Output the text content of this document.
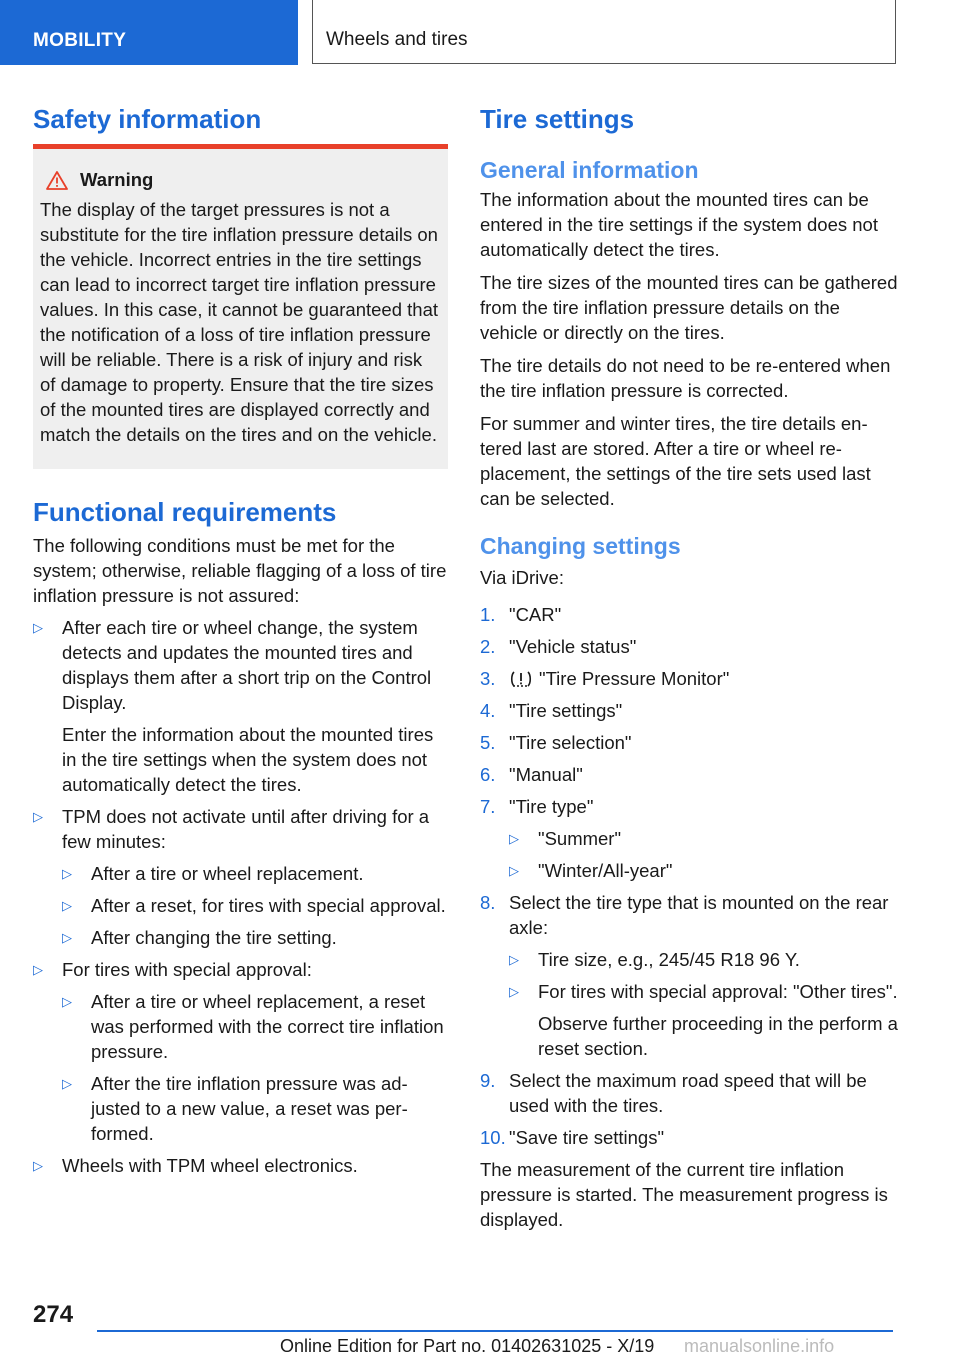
MOBILITY	Wheels and tires
Safety information
Warning

The display of the target pressures is not a substitute for the tire inflation pressure details on the vehicle. Incorrect entries in the tire settings can lead to incorrect target tire inflation pressure values. In this case, it cannot be guaranteed that the notification of a loss of tire inflation pressure will be reliable. There is a risk of injury and risk of damage to property. Ensure that the tire sizes of the mounted tires are displayed correctly and match the details on the tires and on the vehicle.

Functional requirements

The following conditions must be met for the system; otherwise, reliable flagging of a loss of tire inflation pressure is not assured:

▷	After each tire or wheel change, the system detects and updates the mounted tires and displays them after a short trip on the Control Display.

Enter the information about the mounted tires in the tire settings when the system does not automatically detect the tires.

▷	TPM does not activate until after driving for a few minutes:

▷	After a tire or wheel replacement.
▷	After a reset, for tires with special approval.
▷	After changing the tire setting.
▷	For tires with special approval:

▷	After a tire or wheel replacement, a reset was performed with the correct tire inflation pressure.
▷	After the tire inflation pressure was adjusted to a new value, a reset was performed.
▷	Wheels with TPM wheel electronics.

Tire settings
General information

The information about the mounted tires can be entered in the tire settings if the system does not automatically detect the tires.

The tire sizes of the mounted tires can be gathered from the tire inflation pressure details on the vehicle or directly on the tires.

The tire details do not need to be re-entered when the tire inflation pressure is corrected.

For summer and winter tires, the tire details entered last are stored. After a tire or wheel replacement, the settings of the tire sets used last can be selected.

Changing settings

Via iDrive:

1. "CAR"
2. "Vehicle status"
3.	"Tire Pressure Monitor"
4. "Tire settings"
5. "Tire selection"
6. "Manual"
7. "Tire type"

▷	"Summer"
▷	"Winter/All-year"
8. Select the tire type that is mounted on the rear axle:

▷	Tire size, e.g., 245/45 R18 96 Y.
▷	For tires with special approval: "Other tires".

Observe further proceeding in the perform a reset section.

9. Select the maximum road speed that will be used with the tires.
10. "Save tire settings"

The measurement of the current tire inflation pressure is started. The measurement progress is displayed.

274
Online Edition for Part no. 01402631025 - X/19 manualsonline.info
